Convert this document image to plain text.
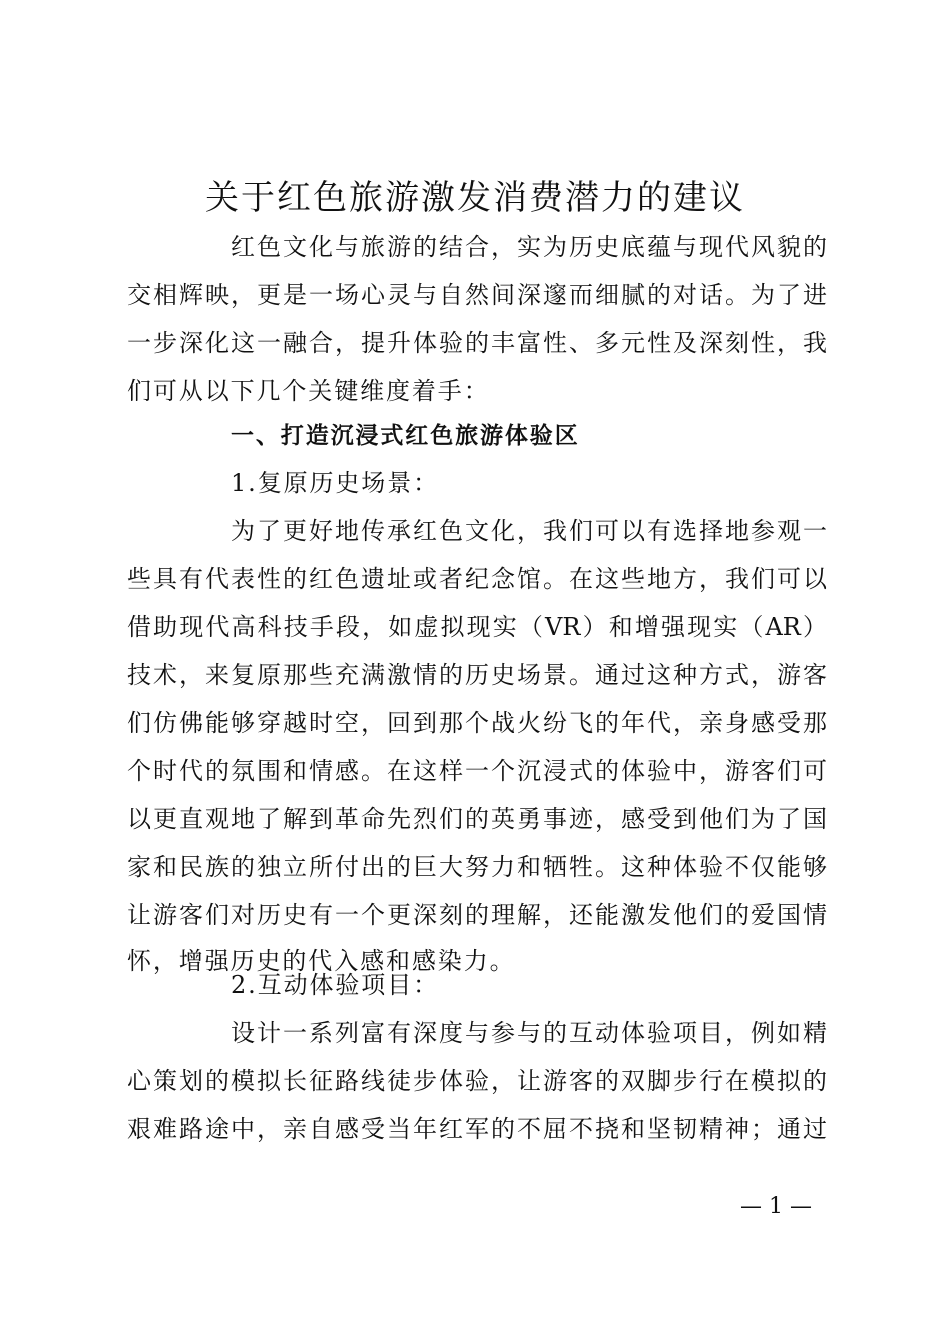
关于红色旅游激发消费潜力的建议
红色文化与旅游的结合，实为历史底蕴与现代风貌的
交相辉映，更是一场心灵与自然间深邃而细腻的对话。为了进
一步深化这一融合，提升体验的丰富性、多元性及深刻性，我
们可从以下几个关键维度着手：
一、打造沉浸式红色旅游体验区
1.复原历史场景：
为了更好地传承红色文化，我们可以有选择地参观一
些具有代表性的红色遗址或者纪念馆。在这些地方，我们可以
借助现代高科技手段，如虚拟现实（VR）和增强现实（AR）
技术，来复原那些充满激情的历史场景。通过这种方式，游客
们仿佛能够穿越时空，回到那个战火纷飞的年代，亲身感受那
个时代的氛围和情感。在这样一个沉浸式的体验中，游客们可
以更直观地了解到革命先烈们的英勇事迹，感受到他们为了国
家和民族的独立所付出的巨大努力和牺牲。这种体验不仅能够
让游客们对历史有一个更深刻的理解，还能激发他们的爱国情
怀，增强历史的代入感和感染力。
2.互动体验项目：
设计一系列富有深度与参与的互动体验项目，例如精
心策划的模拟长征路线徒步体验，让游客的双脚步行在模拟的
艰难路途中，亲自感受当年红军的不屈不挠和坚韧精神；通过
— 1 —
